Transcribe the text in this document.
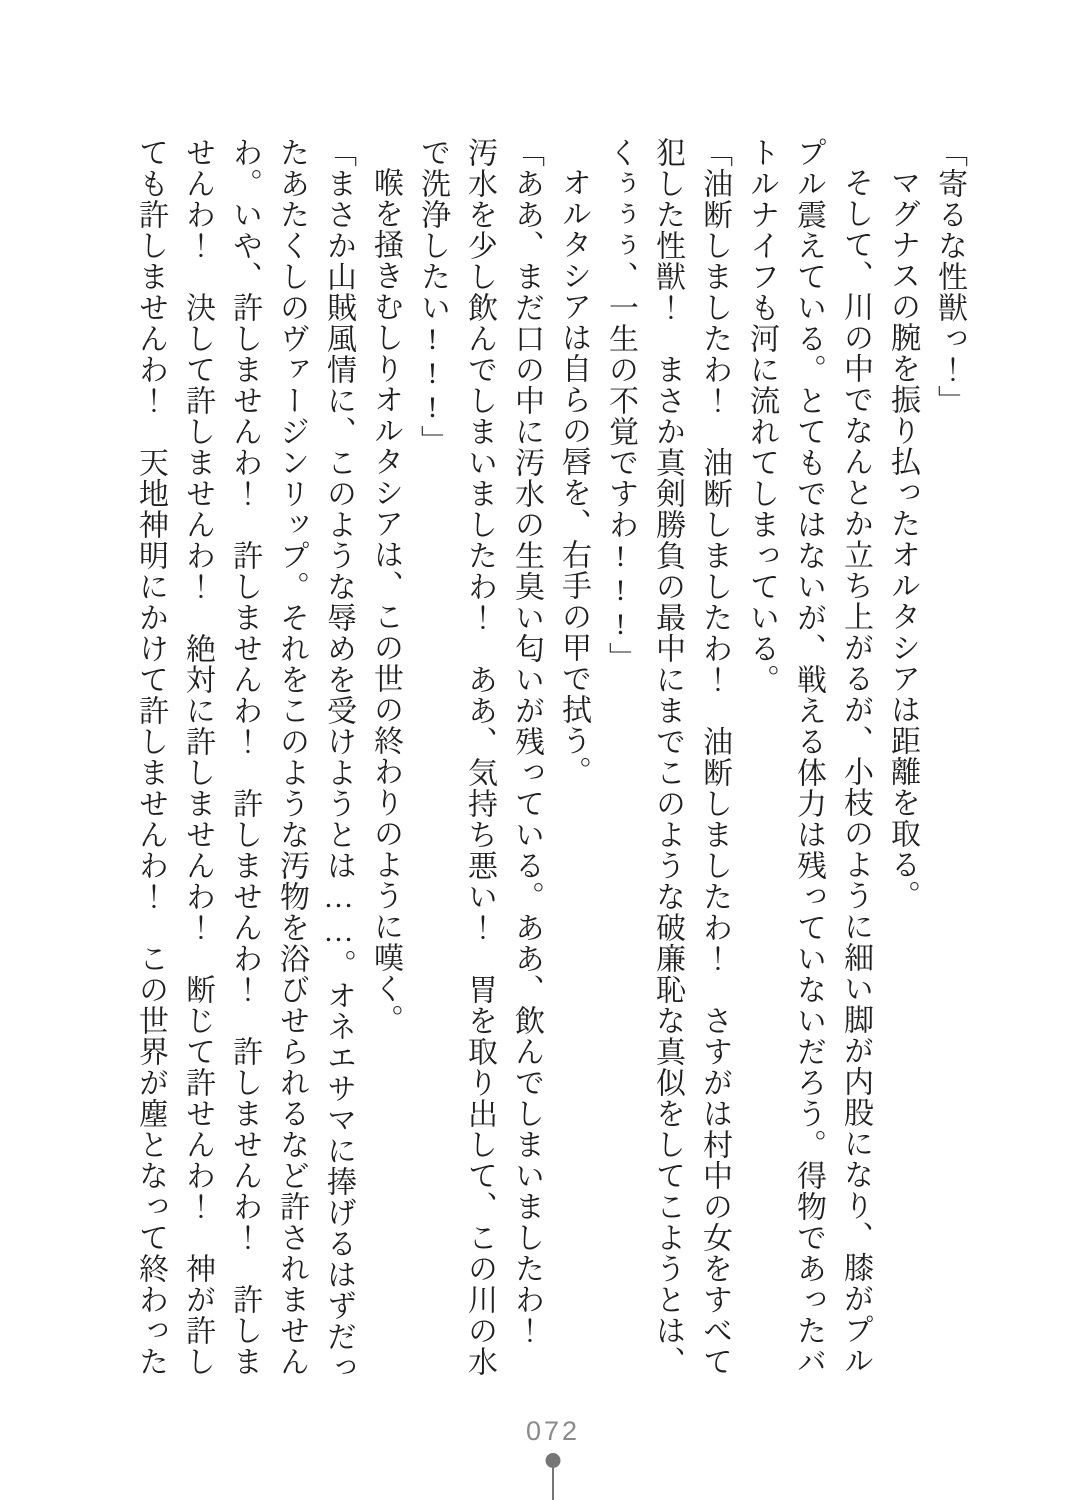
「寄るな性獣っ！」

マグナスの腕を振り払ったオルタシアは距離を取る。

そして、川の中でなんとか立ち上がるが、小枝のように細い脚が内股になり、膝がプルプル震えている。とてもではないが、戦える体力は残っていないだろう。得物であったバトルナイフも河に流れてしまっている。

「油断しましたわ！　油断しましたわ！　油断しましたわ！　さすがは村中の女をすべて犯した性獣！　まさか真剣勝負の最中にまでこのような破廉恥な真似をしてこようとは、くぅぅぅ、一生の不覚ですわ!!!」

オルタシアは自らの唇を、右手の甲で拭う。

「ああ、まだ口の中に汚水の生臭い匂いが残っている。ああ、飲んでしまいましたわ！　汚水を少し飲んでしまいましたわ！　ああ、気持ち悪い！　胃を取り出して、この川の水で洗浄したい!!!」

喉を掻きむしりオルタシアは、この世の終わりのように嘆く。

「まさか山賊風情に、このような辱めを受けようとは……。オネエサマに捧げるはずだったあたくしのヴァージンリップ。それをこのような汚物を浴びせられるなど許されませんわ。いや、許しませんわ！　許しませんわ！　許しませんわ！　許しませんわ！　許しませんわ！　決して許しませんわ！　絶対に許しませんわ！　断じて許せんわ！　神が許しても許しませんわ！　天地神明にかけて許しませんわ！　この世界が塵となって終わった

072
